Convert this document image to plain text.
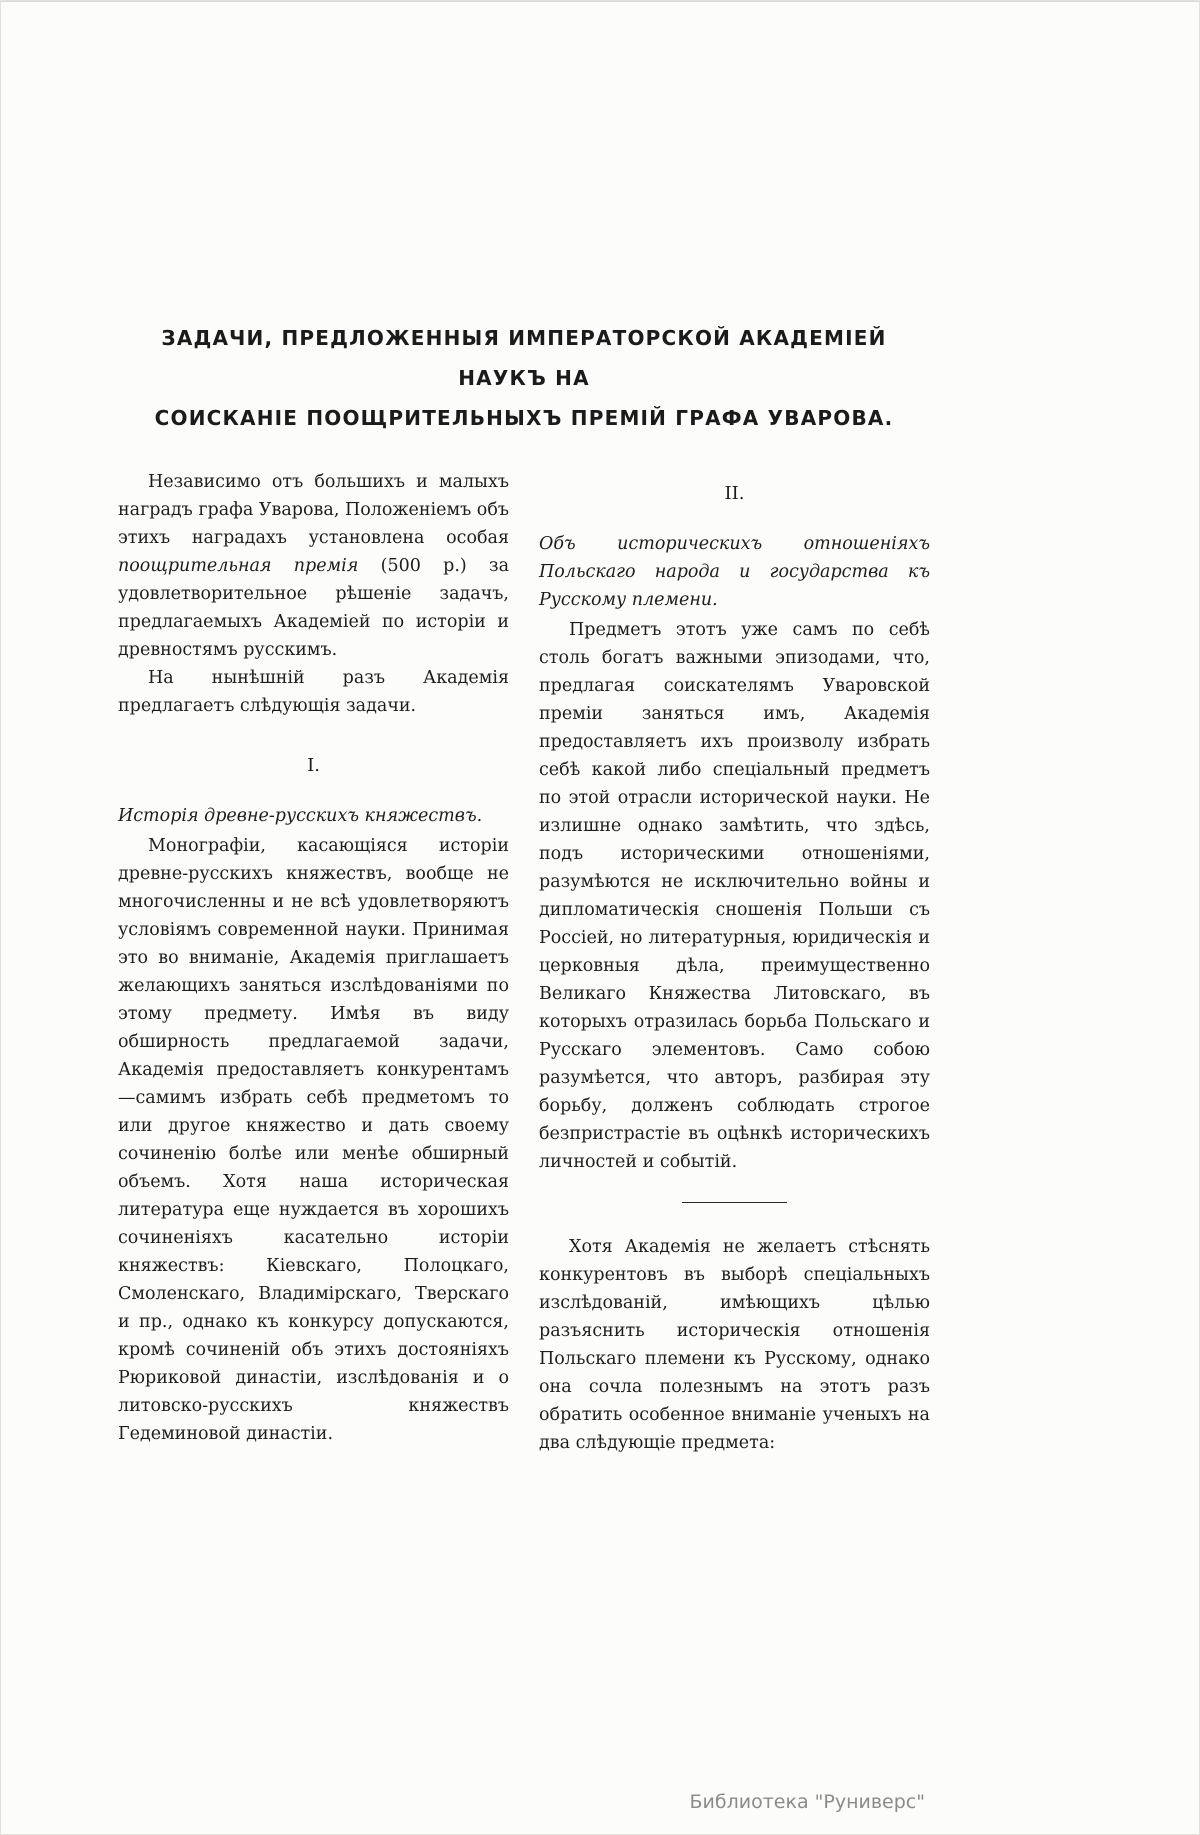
ЗАДАЧИ, ПРЕДЛОЖЕННЫЯ ИМПЕРАТОРСКОЙ АКАДЕМІЕЙ НАУКЪ НА
СОИСКАНІЕ ПООЩРИТЕЛЬНЫХЪ ПРЕМІЙ ГРАФА УВАРОВА.

Независимо отъ большихъ и малыхъ наградъ графа Уварова, Положеніемъ объ этихъ наградахъ установлена особая поощрительная премія (500 р.) за удовлетворительное рѣшеніе задачъ, предлагаемыхъ Академіей по исторіи и древностямъ русскимъ.

На нынѣшній разъ Академія предлагаетъ слѣдующія задачи.

I.

Исторія древне-русскихъ княжествъ.

Монографіи, касающіяся исторіи древне-русскихъ княжествъ, вообще не многочисленны и не всѣ удовлетворяютъ условіямъ современной науки. Принимая это во вниманіе, Академія приглашаетъ желающихъ заняться изслѣдованіями по этому предмету. Имѣя въ виду обширность предлагаемой задачи, Академія предоставляетъ конкурентамъ—самимъ избрать себѣ предметомъ то или другое княжество и дать своему сочиненію болѣе или менѣе обширный объемъ. Хотя наша историческая литература еще нуждается въ хорошихъ сочиненіяхъ касательно исторіи княжествъ: Кіевскаго, Полоцкаго, Смоленскаго, Владимірскаго, Тверскаго и пр., однако къ конкурсу допускаются, кромѣ сочиненій объ этихъ достояніяхъ Рюриковой династіи, изслѣдованія и о литовско-русскихъ княжествъ Гедеминовой династіи.

II.

Объ историческихъ отношеніяхъ Польскаго народа и государства къ Русскому племени.

Предметъ этотъ уже самъ по себѣ столь богатъ важными эпизодами, что, предлагая соискателямъ Уваровской преміи заняться имъ, Академія предоставляетъ ихъ произволу избрать себѣ какой либо спеціальный предметъ по этой отрасли исторической науки. Не излишне однако замѣтить, что здѣсь, подъ историческими отношеніями, разумѣются не исключительно войны и дипломатическія сношенія Польши съ Россіей, но литературныя, юридическія и церковныя дѣла, преимущественно Великаго Княжества Литовскаго, въ которыхъ отразилась борьба Польскаго и Русскаго элементовъ. Само собою разумѣется, что авторъ, разбирая эту борьбу, долженъ соблюдать строгое безпристрастіе въ оцѣнкѣ историческихъ личностей и событій.

Хотя Академія не желаетъ стѣснять конкурентовъ въ выборѣ спеціальныхъ изслѣдованій, имѣющихъ цѣлью разъяснить историческія отношенія Польскаго племени къ Русскому, однако она сочла полезнымъ на этотъ разъ обратить особенное вниманіе ученыхъ на два слѣдующіе предмета:

Библиотека "Руниверс"
